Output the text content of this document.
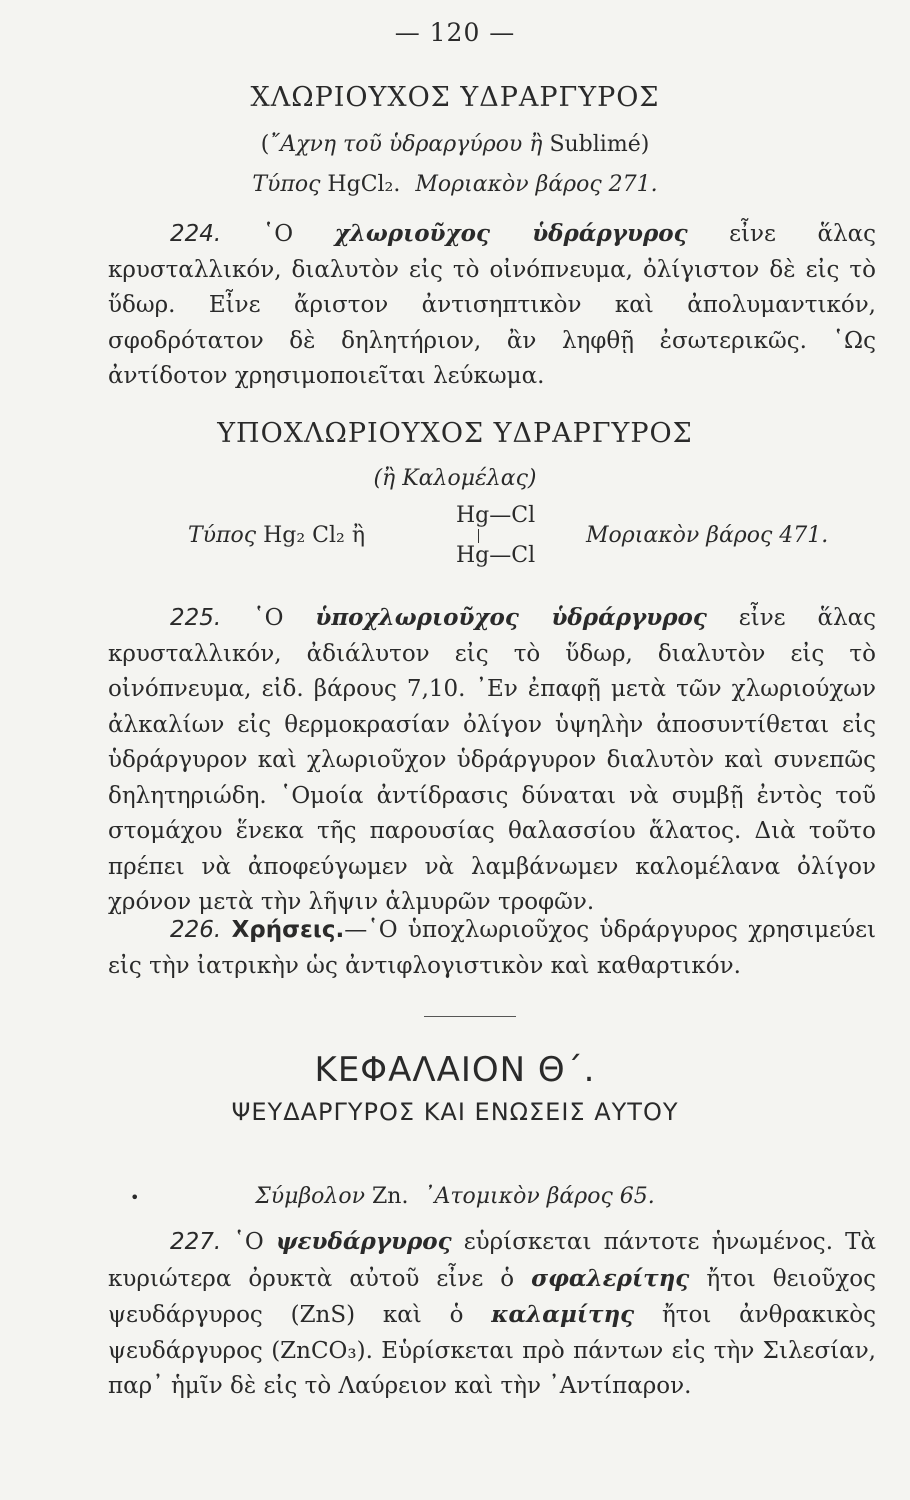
— 120 —
ΧΛΩΡΙΟΥΧΟΣ ΥΔΡΑΡΓΥΡΟΣ
(῎Αχνη τοῦ ὑδραργύρου ἢ Sublimé)
Τύπος HgCl₂. Μοριακὸν βάρος 271.
224. ῾Ο χλωριοῦχος ὑδράργυρος εἶνε ἅλας κρυσταλλικόν, διαλυτὸν εἰς τὸ οἰνόπνευμα, ὀλίγιστον δὲ εἰς τὸ ὕδωρ. Εἶνε ἄριστον ἀντισηπτικὸν καὶ ἀπολυμαντικόν, σφοδρότατον δὲ δηλητήριον, ἂν ληφθῇ ἐσωτερικῶς. ῾Ως ἀντίδοτον χρησιμοποιεῖται λεύκωμα.
ΥΠΟΧΛΩΡΙΟΥΧΟΣ ΥΔΡΑΡΓΥΡΟΣ
(ἢ Καλομέλας)
Τύπος Hg₂ Cl₂ ἢ
Hg—Cl
Hg—Cl
Μοριακὸν βάρος 471.
225. ῾Ο ὑποχλωριοῦχος ὑδράργυρος εἶνε ἅλας κρυσταλλικόν, ἀδιάλυτον εἰς τὸ ὕδωρ, διαλυτὸν εἰς τὸ οἰνόπνευμα, εἰδ. βάρους 7,10. ᾿Εν ἐπαφῇ μετὰ τῶν χλωριούχων ἀλκαλίων εἰς θερμοκρασίαν ὀλίγον ὑψηλὴν ἀποσυντίθεται εἰς ὑδράργυρον καὶ χλωριοῦχον ὑδράργυρον διαλυτὸν καὶ συνεπῶς δηλητηριώδη. ῾Ομοία ἀντίδρασις δύναται νὰ συμβῇ ἐντὸς τοῦ στομάχου ἕνεκα τῆς παρουσίας θαλασσίου ἅλατος. Διὰ τοῦτο πρέπει νὰ ἀποφεύγωμεν νὰ λαμβάνωμεν καλομέλανα ὀλίγον χρόνον μετὰ τὴν λῆψιν ἁλμυρῶν τροφῶν.
226. Χρήσεις.—῾Ο ὑποχλωριοῦχος ὑδράργυρος χρησιμεύει εἰς τὴν ἰατρικὴν ὡς ἀντιφλογιστικὸν καὶ καθαρτικόν.
ΚΕΦΑΛΑΙΟΝ Θ΄.
ΨΕΥΔΑΡΓΥΡΟΣ ΚΑΙ ΕΝΩΣΕΙΣ ΑΥΤΟΥ
•	Σύμβολον Zn. ᾿Ατομικὸν βάρος 65.
227. ῾Ο ψευδάργυρος εὑρίσκεται πάντοτε ἡνωμένος. Τὰ κυριώτερα ὀρυκτὰ αὐτοῦ εἶνε ὁ σφαλερίτης ἤτοι θειοῦχος ψευδάργυρος (ZnS) καὶ ὁ καλαμίτης ἤτοι ἀνθρακικὸς ψευδάργυρος (ZnCO₃). Εὑρίσκεται πρὸ πάντων εἰς τὴν Σιλεσίαν, παρ᾿ ἡμῖν δὲ εἰς τὸ Λαύρειον καὶ τὴν ᾿Αντίπαρον.
